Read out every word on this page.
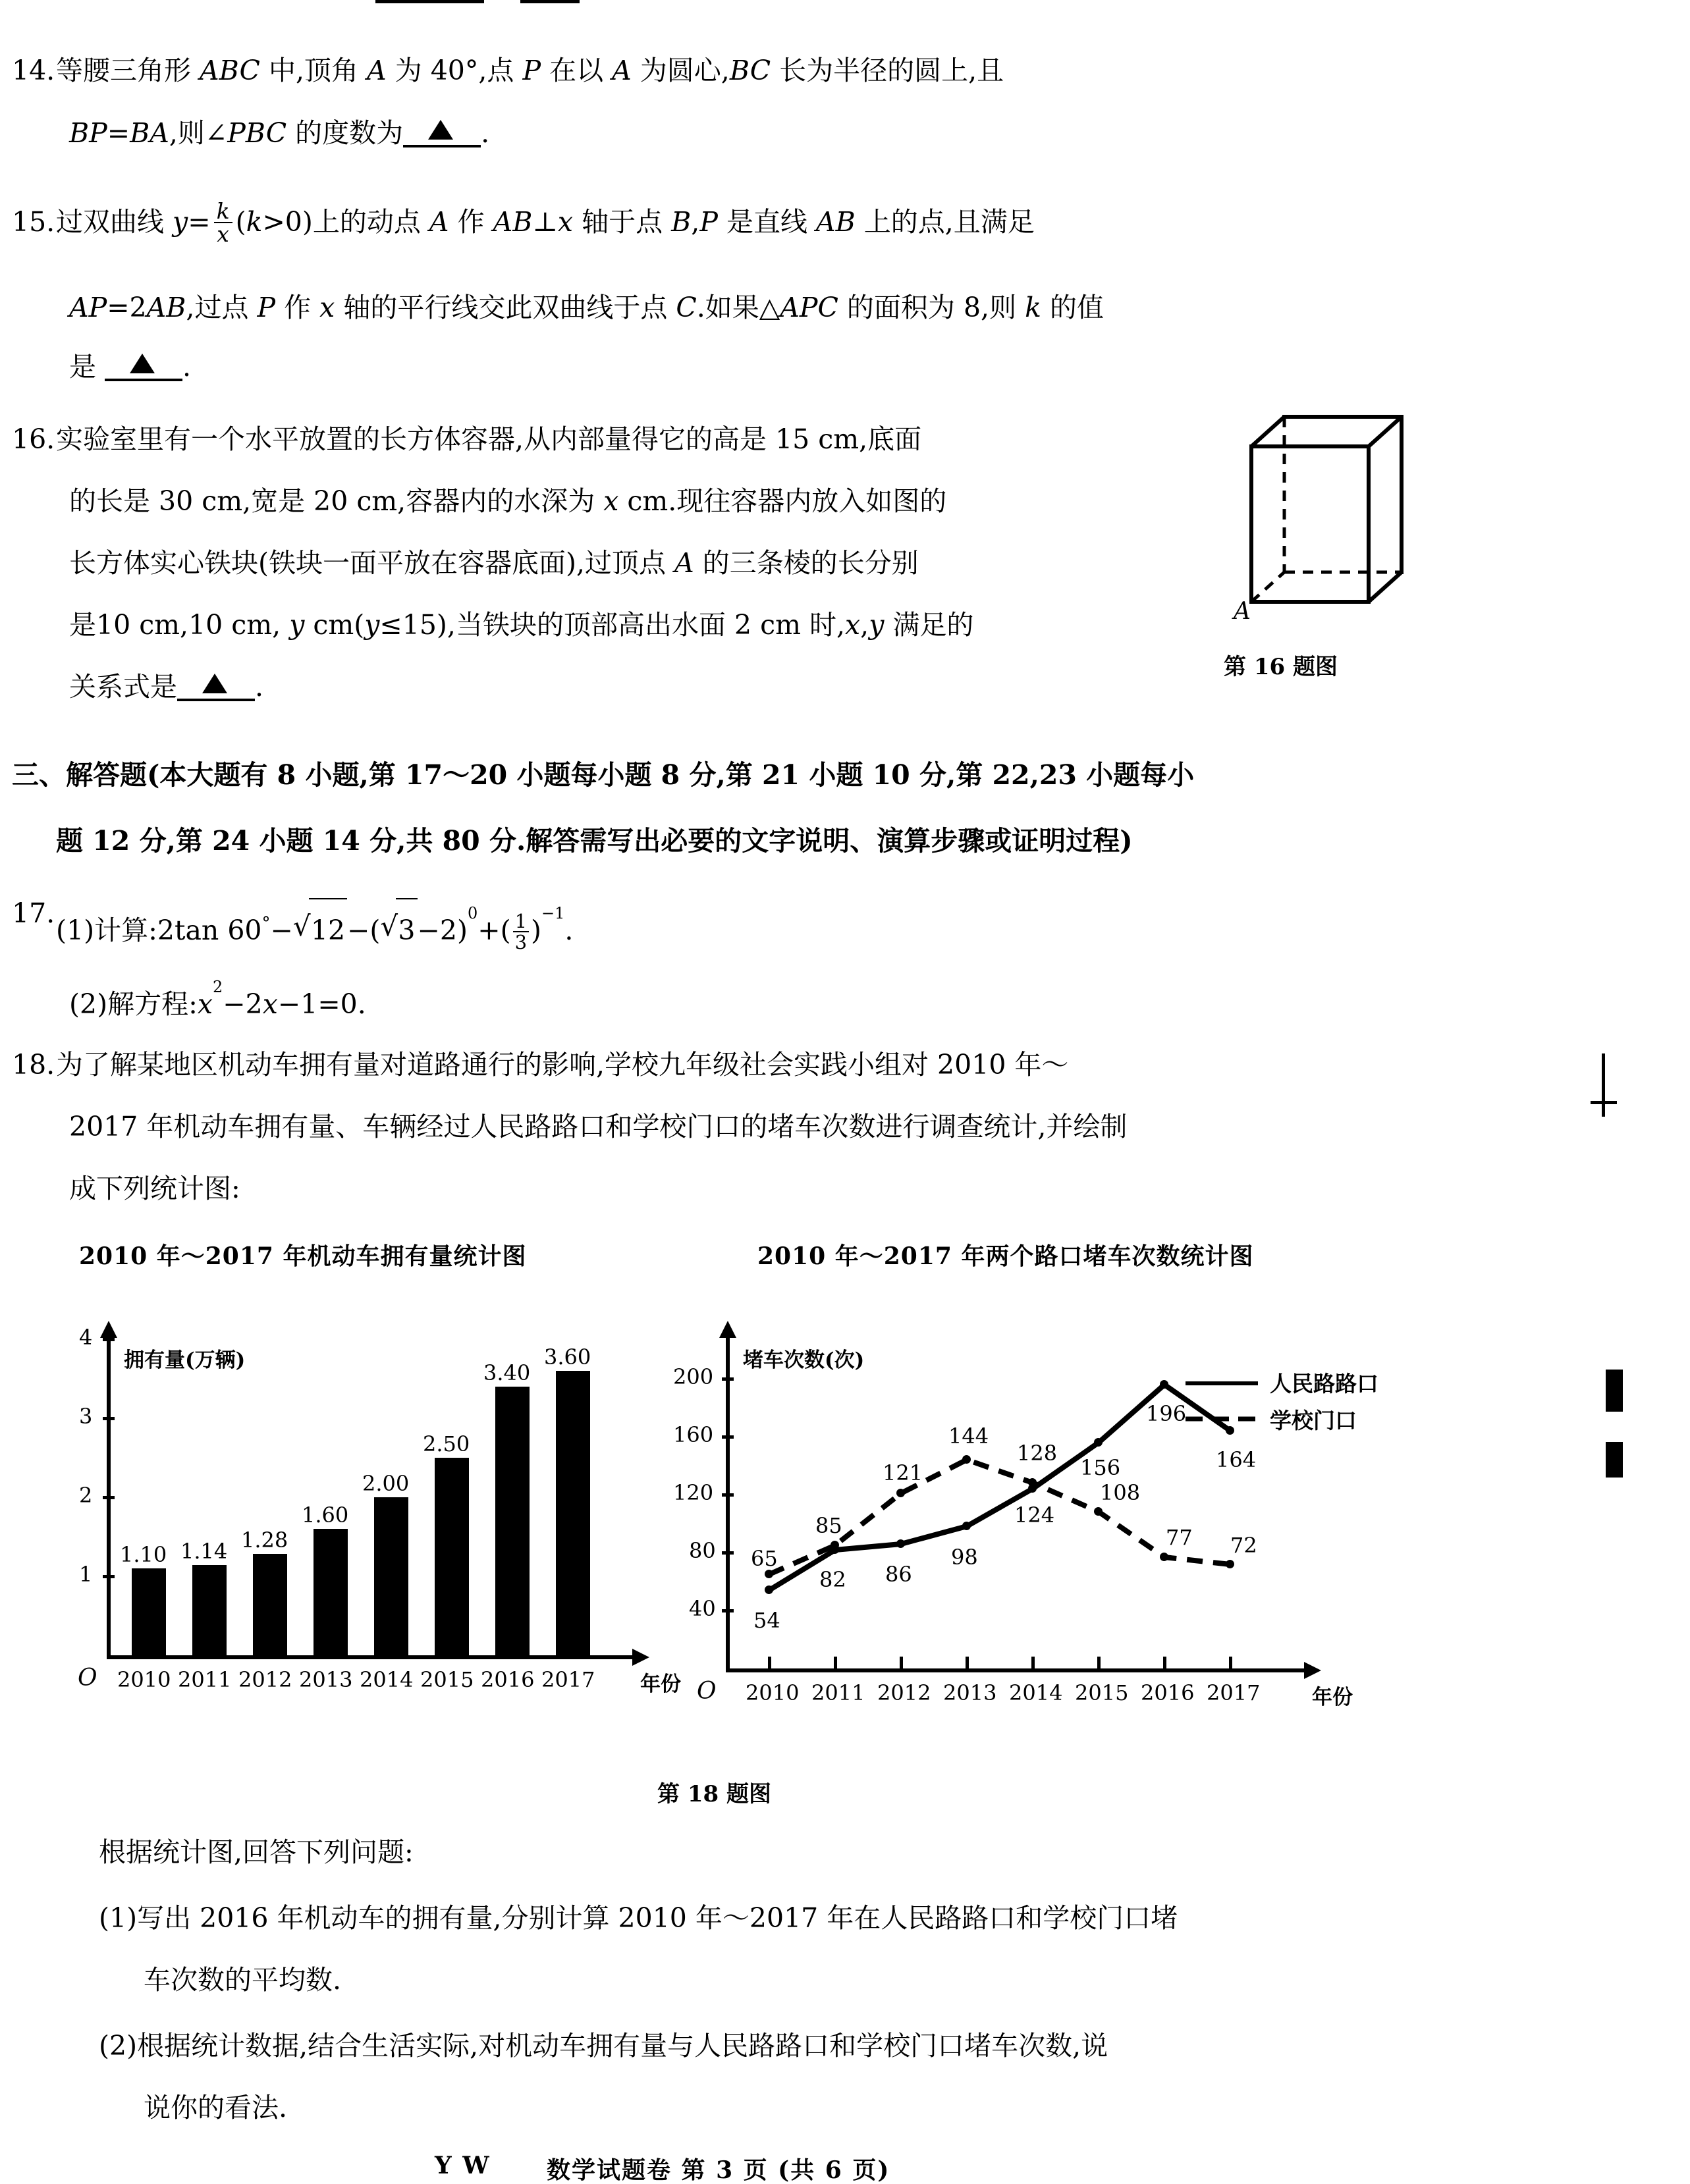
14. 等腰三角形 ABC 中,顶角 A 为 40°,点 P 在以 A 为圆心,BC 长为半径的圆上,且
BP=BA,则∠PBC 的度数为	.
15. 过双曲线 $y= \frac{k}{x} (k>0)$上的动点 A 作 AB⊥x 轴于点 B,P 是直线 AB 上的点,且满足
AP=2AB,过点 P 作 x 轴的平行线交此双曲线于点 C.如果△APC 的面积为 8,则 k 的值
是	.
16. 实验室里有一个水平放置的长方体容器,从内部量得它的高是 15 cm,底面
的长是 30 cm,宽是 20 cm,容器内的水深为 x cm.现往容器内放入如图的
长方体实心铁块(铁块一面平放在容器底面),过顶点 A 的三条棱的长分别
是10 cm,10 cm, y cm(y≤15),当铁块的顶部高出水面 2 cm 时,x,y 满足的
关系式是	.
A
第 16 题图
三、解答题(本大题有 8 小题,第 17～20 小题每小题 8 分,第 21 小题 10 分,第 22,23 小题每小
题 12 分,第 24 小题 14 分,共 80 分.解答需写出必要的文字说明、演算步骤或证明过程)
17.
(1)计算:2tan 60°− √ 12−( √ $3-2)^0+( \frac{1}{3} )^{-1}$.
(2)解方程$:x^2-2x-1=0$.
18. 为了解某地区机动车拥有量对道路通行的影响,学校九年级社会实践小组对 2010 年～
2017 年机动车拥有量、车辆经过人民路路口和学校门口的堵车次数进行调查统计,并绘制
成下列统计图:
2010 年～2017 年机动车拥有量统计图
拥有量(万辆)
年份
O
1
2
3
4
1.10
2010
1.14
2011
1.28
2012
1.60
2013
2.00
2014
2.50
2015
3.40
2016
3.60
2017
2010 年～2017 年两个路口堵车次数统计图
堵车次数(次)
年份
O
人民路路口
学校门口
40
80
120
160
200
2010 2011 2012 2013 2014 2015 2016 2017
54
82 86
98
124
156
196
164
65
85
121
144
128
108
77 72
第 18 题图
根据统计图,回答下列问题:
(1)写出 2016 年机动车的拥有量,分别计算 2010 年～2017 年在人民路路口和学校门口堵
车次数的平均数.
(2)根据统计数据,结合生活实际,对机动车拥有量与人民路路口和学校门口堵车次数,说
说你的看法.
Y W 数学试题卷 第 3 页 (共 6 页)
